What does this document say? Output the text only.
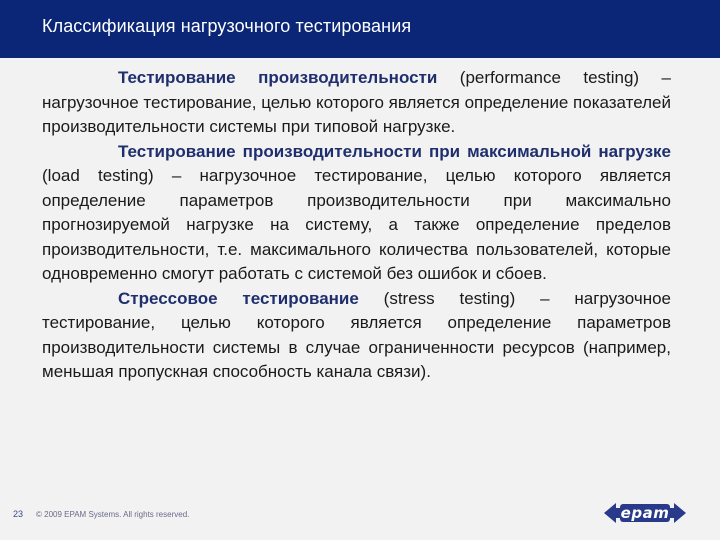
Классификация нагрузочного тестирования

Тестирование производительности (performance testing) – нагрузочное тестирование, целью которого является определение показателей производительности системы при типовой нагрузке.

Тестирование производительности при максимальной нагрузке (load testing) – нагрузочное тестирование, целью которого является определение параметров производительности при максимально прогнозируемой нагрузке на систему, а также определение пределов производительности, т.е. максимального количества пользователей, которые одновременно смогут работать с системой без ошибок и сбоев.

Стрессовое тестирование (stress testing) – нагрузочное тестирование, целью которого является определение параметров производительности системы в случае ограниченности ресурсов (например, меньшая пропускная способность канала связи).

23 © 2009 EPAM Systems. All rights reserved.	epam
